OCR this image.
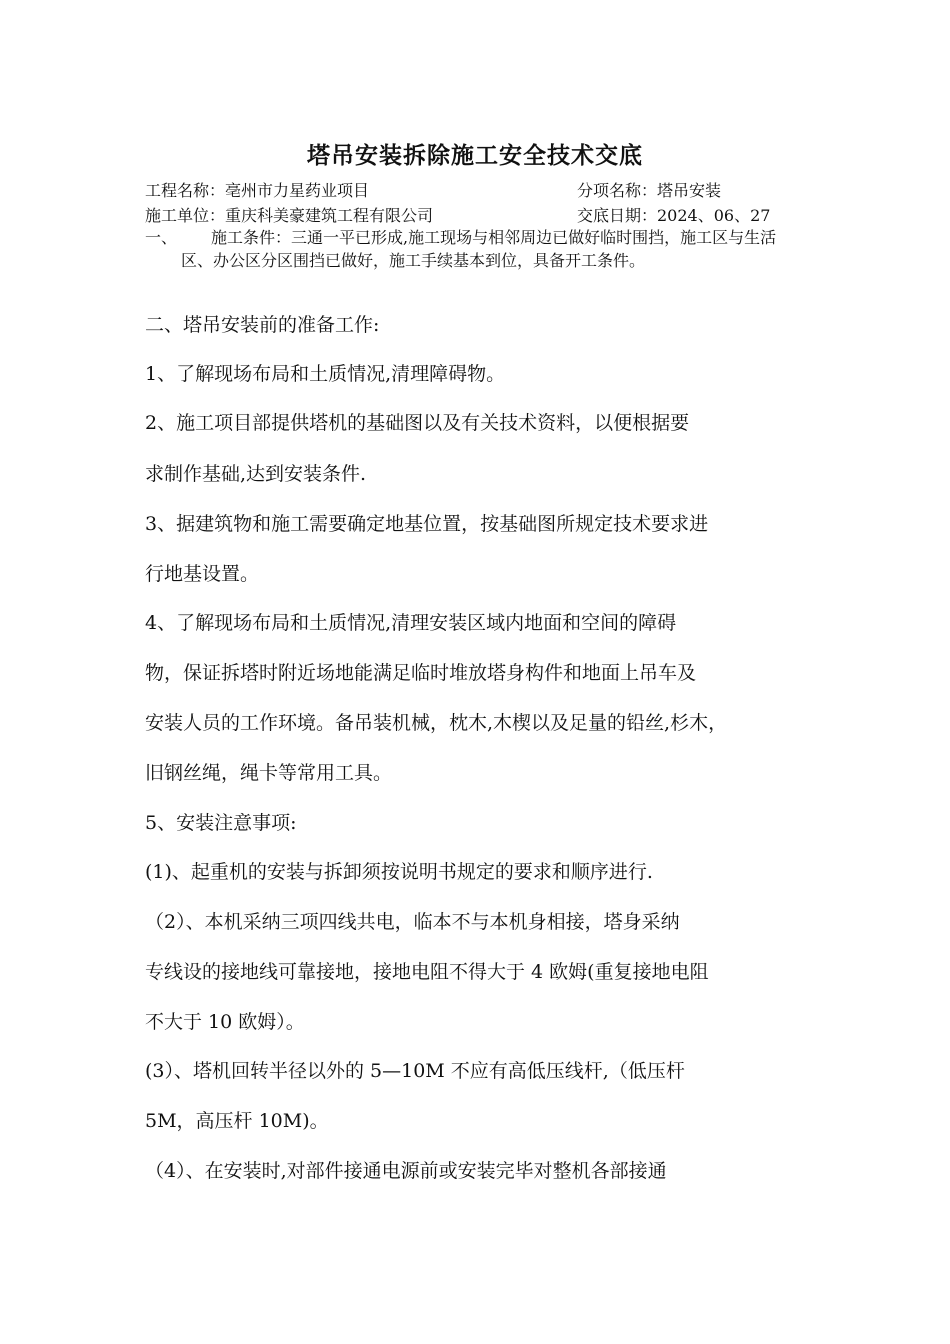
塔吊安装拆除施工安全技术交底
工程名称：亳州市力星药业项目	分项名称：塔吊安装
施工单位：重庆科美豪建筑工程有限公司	交底日期：2024、06、27
一、	施工条件：三通一平已形成,施工现场与相邻周边已做好临时围挡，施工区与生活区、办公区分区围挡已做好，施工手续基本到位，具备开工条件。
二、塔吊安装前的准备工作:
1、了解现场布局和土质情况,清理障碍物。
2、施工项目部提供塔机的基础图以及有关技术资料，以便根据要
求制作基础,达到安装条件.
3、据建筑物和施工需要确定地基位置，按基础图所规定技术要求进
行地基设置。
4、了解现场布局和土质情况,清理安装区域内地面和空间的障碍
物，保证拆塔时附近场地能满足临时堆放塔身构件和地面上吊车及
安装人员的工作环境。备吊装机械，枕木,木楔以及足量的铅丝,杉木，
旧钢丝绳，绳卡等常用工具。
5、安装注意事项:
(1)、起重机的安装与拆卸须按说明书规定的要求和顺序进行.
（2）、本机采纳三项四线共电，临本不与本机身相接，塔身采纳
专线设的接地线可靠接地，接地电阻不得大于 4 欧姆(重复接地电阻
不大于 10 欧姆）。
(3）、塔机回转半径以外的 5—10M 不应有高低压线杆,（低压杆
5M，高压杆 10M)。
（4）、在安装时,对部件接通电源前或安装完毕对整机各部接通
